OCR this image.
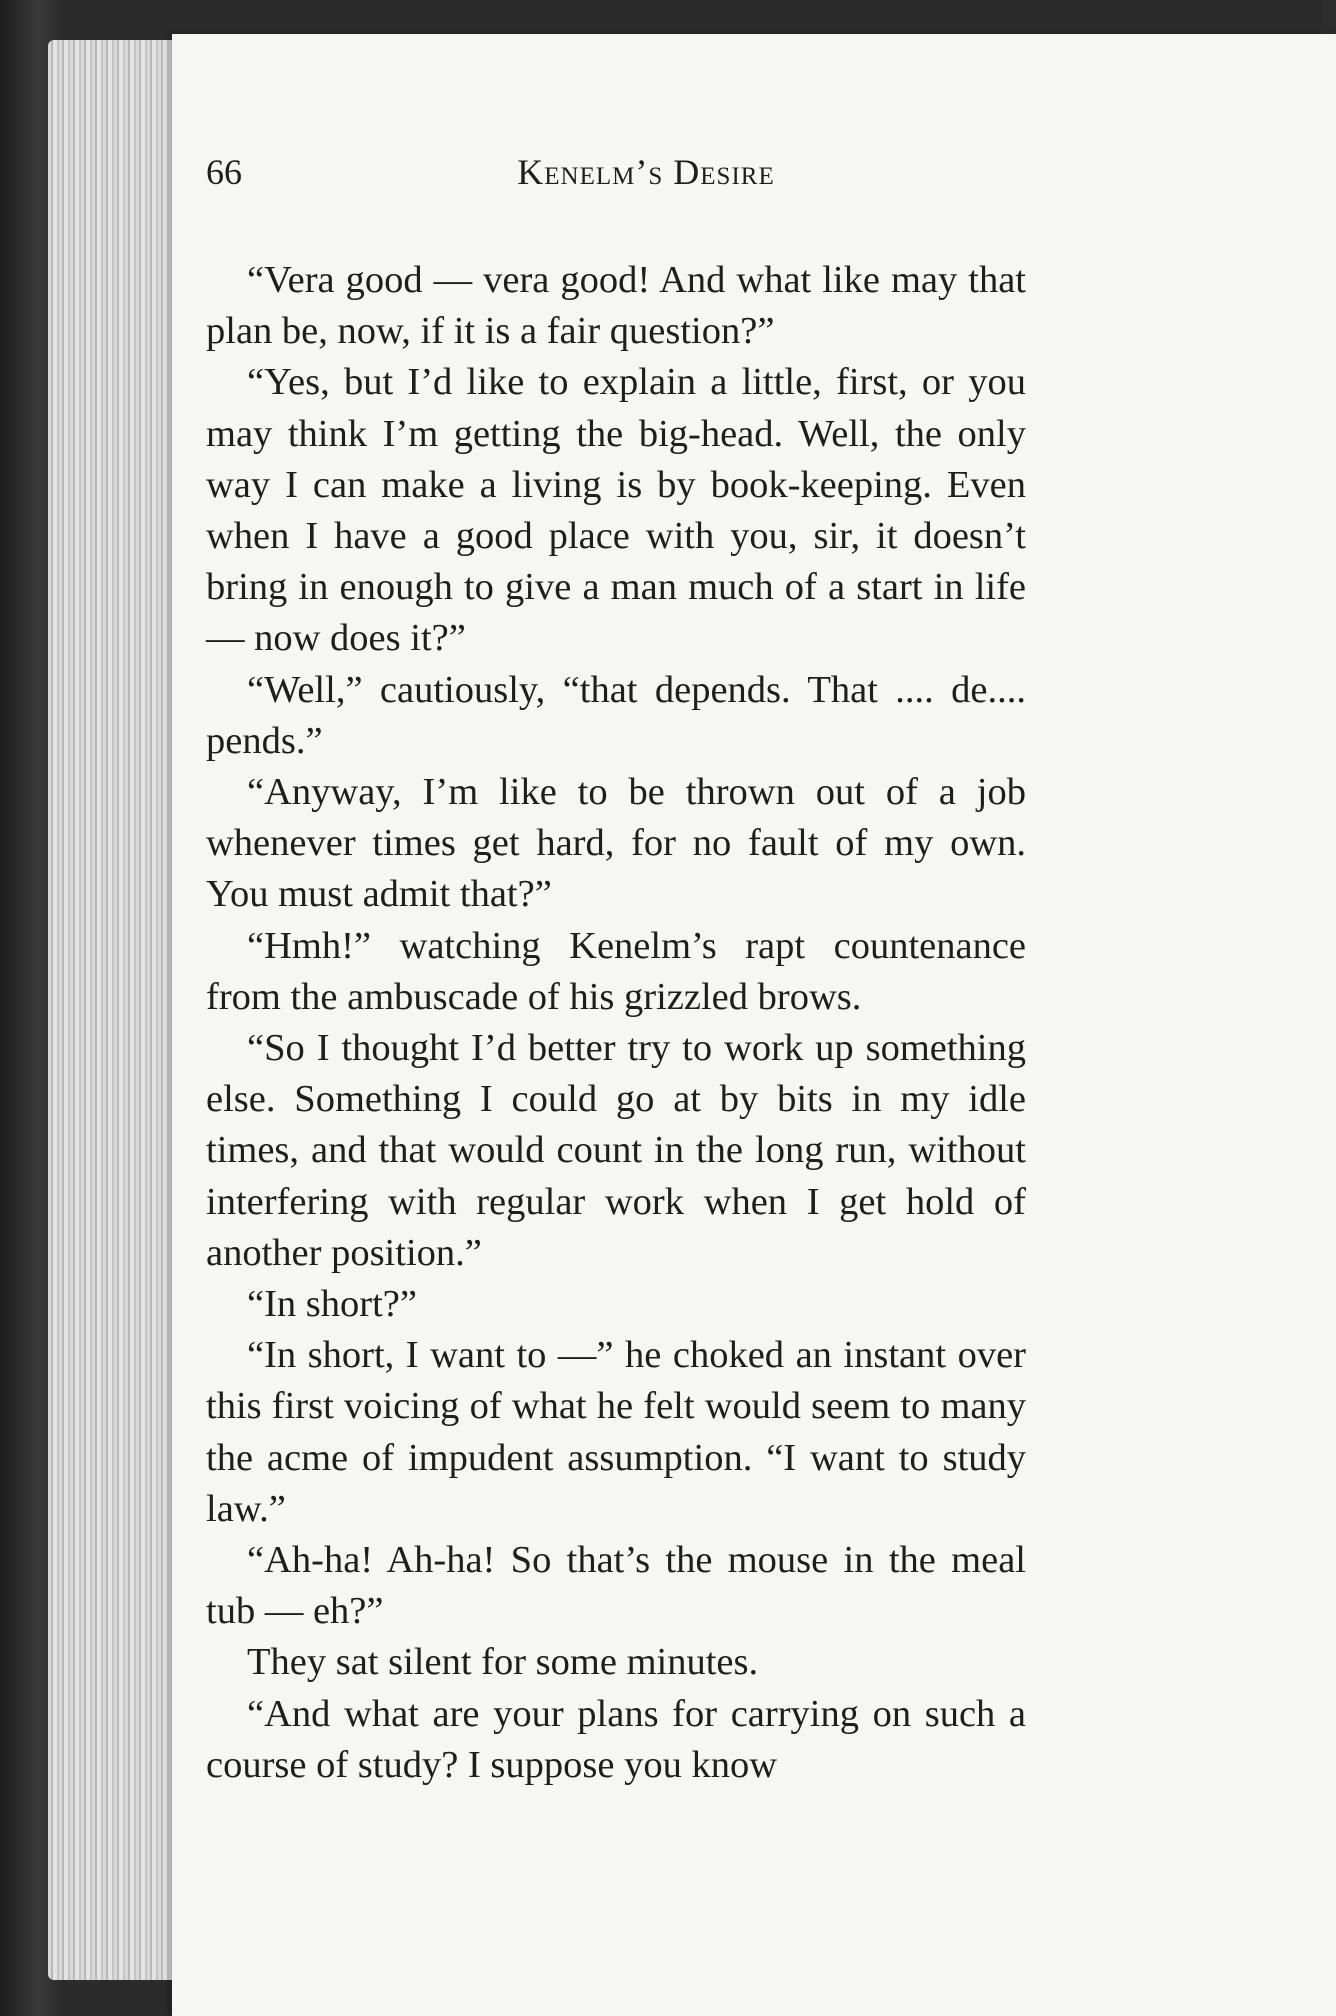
66	Kenelm’s Desire

“Vera good — vera good! And what like may that plan be, now, if it is a fair question?”

“Yes, but I’d like to explain a little, first, or you may think I’m getting the big-head. Well, the only way I can make a living is by book-keeping. Even when I have a good place with you, sir, it doesn’t bring in enough to give a man much of a start in life — now does it?”

“Well,” cautiously, “that depends. That .... de.... pends.”

“Anyway, I’m like to be thrown out of a job whenever times get hard, for no fault of my own. You must admit that?”

“Hmh!” watching Kenelm’s rapt countenance from the ambuscade of his grizzled brows.

“So I thought I’d better try to work up something else. Something I could go at by bits in my idle times, and that would count in the long run, without interfering with regular work when I get hold of another position.”

“In short?”

“In short, I want to —” he choked an instant over this first voicing of what he felt would seem to many the acme of impudent assumption. “I want to study law.”

“Ah-ha! Ah-ha! So that’s the mouse in the meal tub — eh?”

They sat silent for some minutes.

“And what are your plans for carrying on such a course of study? I suppose you know
